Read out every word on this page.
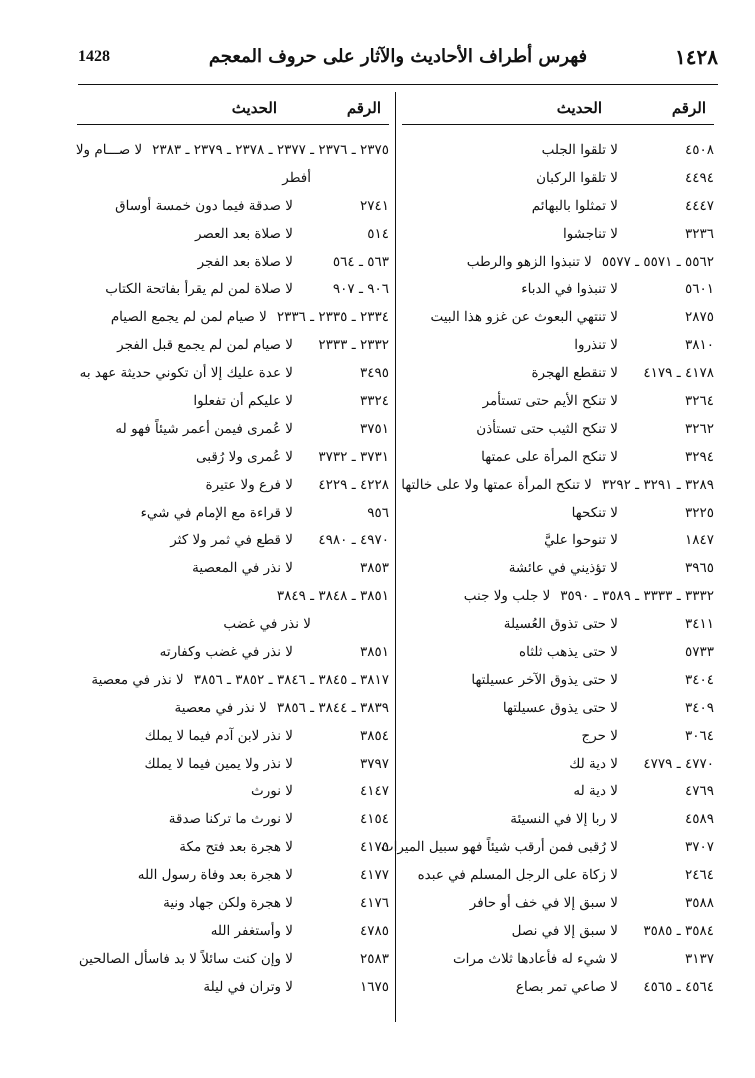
1428	فهرس أطراف الأحاديث والآثار على حروف المعجم	١٤٢٨
الرقم
الحديث
٤٥٠٨
لا تلقوا الجلب
٤٤٩٤
لا تلقوا الركبان
٤٤٤٧
لا تمثلوا بالبهائم
٣٢٣٦
لا تناجشوا
٥٥٦٢ ـ ٥٥٧١ ـ ٥٥٧٧
لا تنبذوا الزهو والرطب
٥٦٠١
لا تنبذوا في الدباء
٢٨٧٥
لا تنتهي البعوث عن غزو هذا البيت
٣٨١٠
لا تنذروا
٤١٧٨ ـ ٤١٧٩
لا تنقطع الهجرة
٣٢٦٤
لا تنكح الأيم حتى تستأمر
٣٢٦٢
لا تنكح الثيب حتى تستأذن
٣٢٩٤
لا تنكح المرأة على عمتها
٣٢٨٩ ـ ٣٢٩١ ـ ٣٢٩٢
لا تنكح المرأة عمتها ولا على خالتها
٣٢٢٥
لا تنكحها
١٨٤٧
لا تنوحوا عليَّ
٣٩٦٥
لا تؤذيني في عائشة
٣٣٣٢ ـ ٣٣٣٣ ـ ٣٥٨٩ ـ ٣٥٩٠
لا جلب ولا جنب
٣٤١١
لا حتى تذوق العُسيلة
٥٧٣٣
لا حتى يذهب ثلثاه
٣٤٠٤
لا حتى يذوق الآخر عسيلتها
٣٤٠٩
لا حتى يذوق عسيلتها
٣٠٦٤
لا حرج
٤٧٧٠ ـ ٤٧٧٩
لا دية لك
٤٧٦٩
لا دية له
٤٥٨٩
لا ربا إلا في النسيئة
٣٧٠٧
لا رُقبى فمن أرقب شيئاً فهو سبيل الميراث
٢٤٦٤
لا زكاة على الرجل المسلم في عبده
٣٥٨٨
لا سبق إلا في خف أو حافر
٣٥٨٤ ـ ٣٥٨٥
لا سبق إلا في نصل
٣١٣٧
لا شيء له فأعادها ثلاث مرات
٤٥٦٤ ـ ٤٥٦٥
لا صاعي تمر بصاع
الرقم
الحديث
٢٣٧٥ ـ ٢٣٧٦ ـ ٢٣٧٧ ـ ٢٣٧٨ ـ ٢٣٧٩ ـ ٢٣٨٣
لا صـــام ولا
أفطر
٢٧٤١
لا صدقة فيما دون خمسة أوساق
٥١٤
لا صلاة بعد العصر
٥٦٣ ـ ٥٦٤
لا صلاة بعد الفجر
٩٠٦ ـ ٩٠٧
لا صلاة لمن لم يقرأ بفاتحة الكتاب
٢٣٣٤ ـ ٢٣٣٥ ـ ٢٣٣٦
لا صيام لمن لم يجمع الصيام
٢٣٣٢ ـ ٢٣٣٣
لا صيام لمن لم يجمع قبل الفجر
٣٤٩٥
لا عدة عليك إلا أن تكوني حديثة عهد به
٣٣٢٤
لا عليكم أن تفعلوا
٣٧٥١
لا عُمرى فيمن أعمر شيئاً فهو له
٣٧٣١ ـ ٣٧٣٢
لا عُمرى ولا رُقبى
٤٢٢٨ ـ ٤٢٢٩
لا فرع ولا عتيرة
٩٥٦
لا قراءة مع الإمام في شيء
٤٩٧٠ ـ ٤٩٨٠
لا قطع في ثمر ولا كثر
٣٨٥٣
لا نذر في المعصية
٣٨٥١ ـ ٣٨٤٨ ـ ٣٨٤٩
لا نذر في غضب
٣٨٥١
لا نذر في غضب وكفارته
٣٨١٧ ـ ٣٨٤٥ ـ ٣٨٤٦ ـ ٣٨٥٢ ـ ٣٨٥٦
لا نذر في معصية
٣٨٣٩ ـ ٣٨٤٤ ـ ٣٨٥٦
لا نذر في معصية
٣٨٥٤
لا نذر لابن آدم فيما لا يملك
٣٧٩٧
لا نذر ولا يمين فيما لا يملك
٤١٤٧
لا نورث
٤١٥٤
لا نورث ما تركنا صدقة
٤١٧٥
لا هجرة بعد فتح مكة
٤١٧٧
لا هجرة بعد وفاة رسول الله
٤١٧٦
لا هجرة ولكن جهاد ونية
٤٧٨٥
لا وأستغفر الله
٢٥٨٣
لا وإن كنت سائلاً لا بد فاسأل الصالحين
١٦٧٥
لا وتران في ليلة
